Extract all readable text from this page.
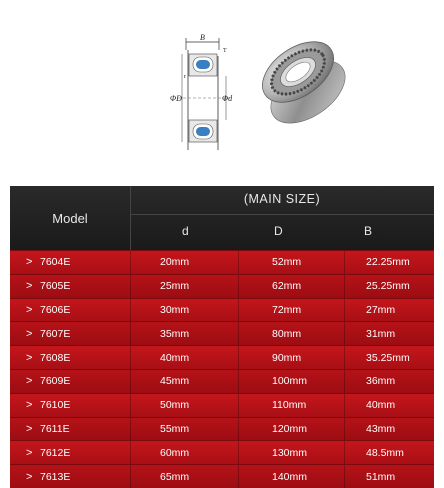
B
T
r
ΦD	Φd
Model
(MAIN SIZE)
d	D	B
> 7604E	20mm	52mm	22.25mm
> 7605E	25mm	62mm	25.25mm
> 7606E	30mm	72mm	27mm
> 7607E	35mm	80mm	31mm
> 7608E	40mm	90mm	35.25mm
> 7609E	45mm	100mm	36mm
> 7610E	50mm	110mm	40mm
> 7611E	55mm	120mm	43mm
> 7612E	60mm	130mm	48.5mm
> 7613E	65mm	140mm	51mm
